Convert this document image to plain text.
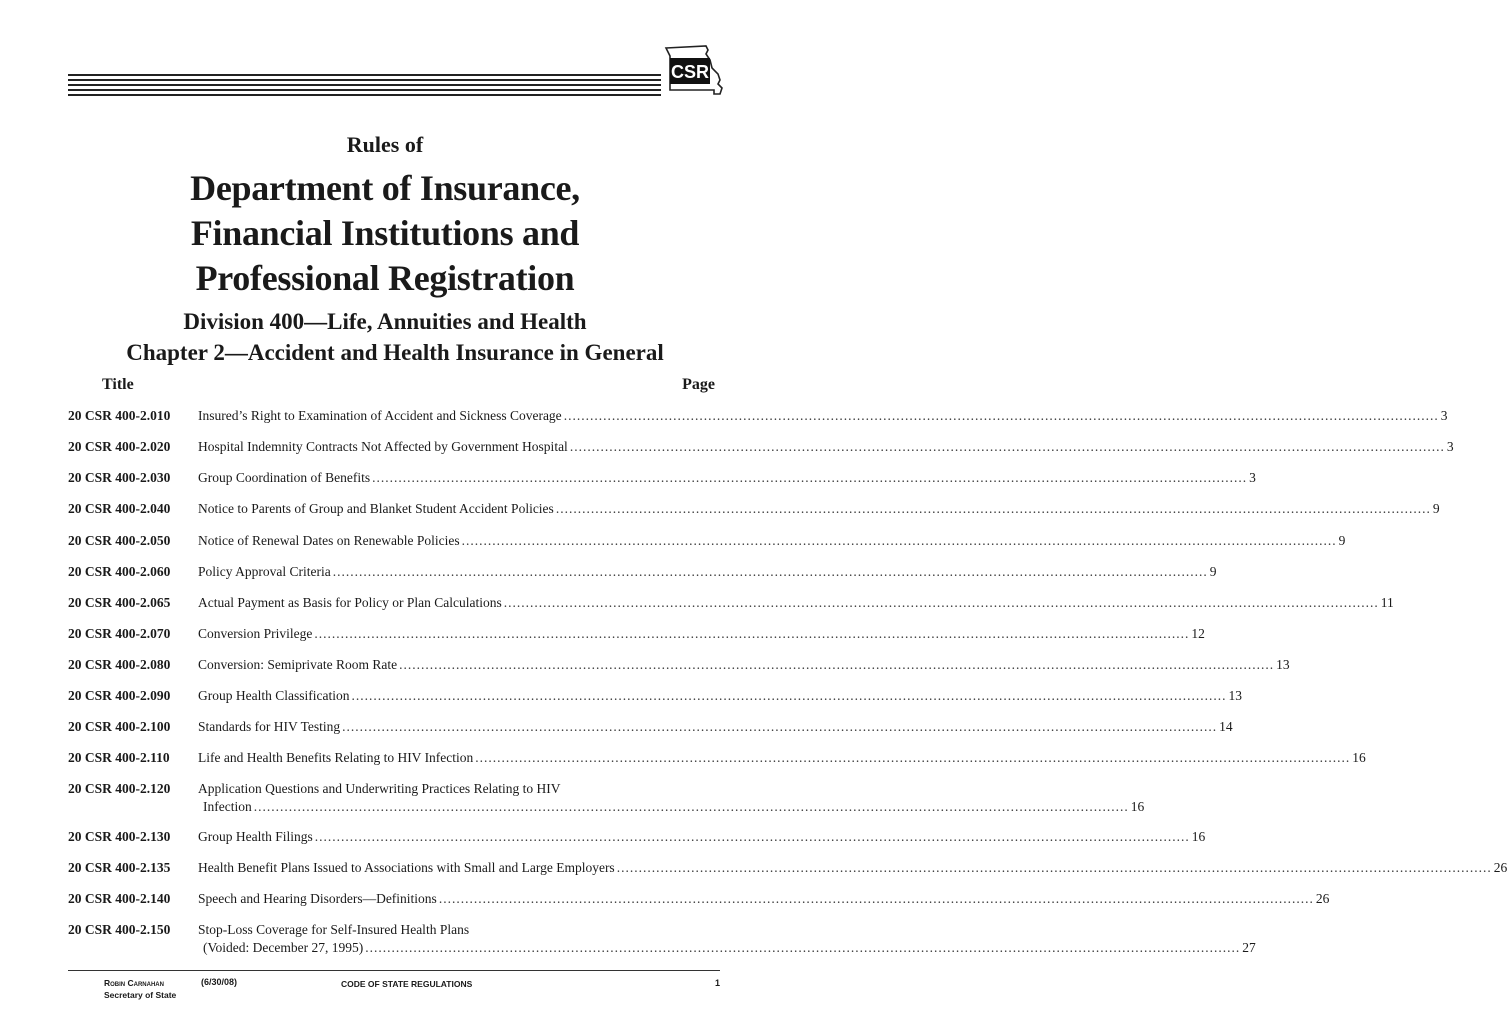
CSR
Rules of
Department of Insurance,
Financial Institutions and
Professional Registration
Division 400—Life, Annuities and Health
Chapter 2—Accident and Health Insurance in General
Title	Page
20 CSR 400-2.010 Insured’s Right to Examination of Accident and Sickness Coverage ........................................................................................................................................................................................................ 3
20 CSR 400-2.020 Hospital Indemnity Contracts Not Affected by Government Hospital ........................................................................................................................................................................................................ 3
20 CSR 400-2.030 Group Coordination of Benefits ........................................................................................................................................................................................................ 3
20 CSR 400-2.040 Notice to Parents of Group and Blanket Student Accident Policies ........................................................................................................................................................................................................ 9
20 CSR 400-2.050 Notice of Renewal Dates on Renewable Policies ........................................................................................................................................................................................................ 9
20 CSR 400-2.060 Policy Approval Criteria ........................................................................................................................................................................................................ 9
20 CSR 400-2.065 Actual Payment as Basis for Policy or Plan Calculations ........................................................................................................................................................................................................ 11
20 CSR 400-2.070 Conversion Privilege ........................................................................................................................................................................................................ 12
20 CSR 400-2.080 Conversion: Semiprivate Room Rate ........................................................................................................................................................................................................ 13
20 CSR 400-2.090 Group Health Classification ........................................................................................................................................................................................................ 13
20 CSR 400-2.100 Standards for HIV Testing ........................................................................................................................................................................................................ 14
20 CSR 400-2.110 Life and Health Benefits Relating to HIV Infection ........................................................................................................................................................................................................ 16
20 CSR 400-2.120 Application Questions and Underwriting Practices Relating to HIV
Infection ........................................................................................................................................................................................................ 16
20 CSR 400-2.130 Group Health Filings ........................................................................................................................................................................................................ 16
20 CSR 400-2.135 Health Benefit Plans Issued to Associations with Small and Large Employers ........................................................................................................................................................................................................ 26
20 CSR 400-2.140 Speech and Hearing Disorders—Definitions ........................................................................................................................................................................................................ 26
20 CSR 400-2.150 Stop-Loss Coverage for Self-Insured Health Plans
(Voided: December 27, 1995) ........................................................................................................................................................................................................ 27
Robin Carnahan
Secretary of State
(6/30/08)	CODE OF STATE REGULATIONS	1
